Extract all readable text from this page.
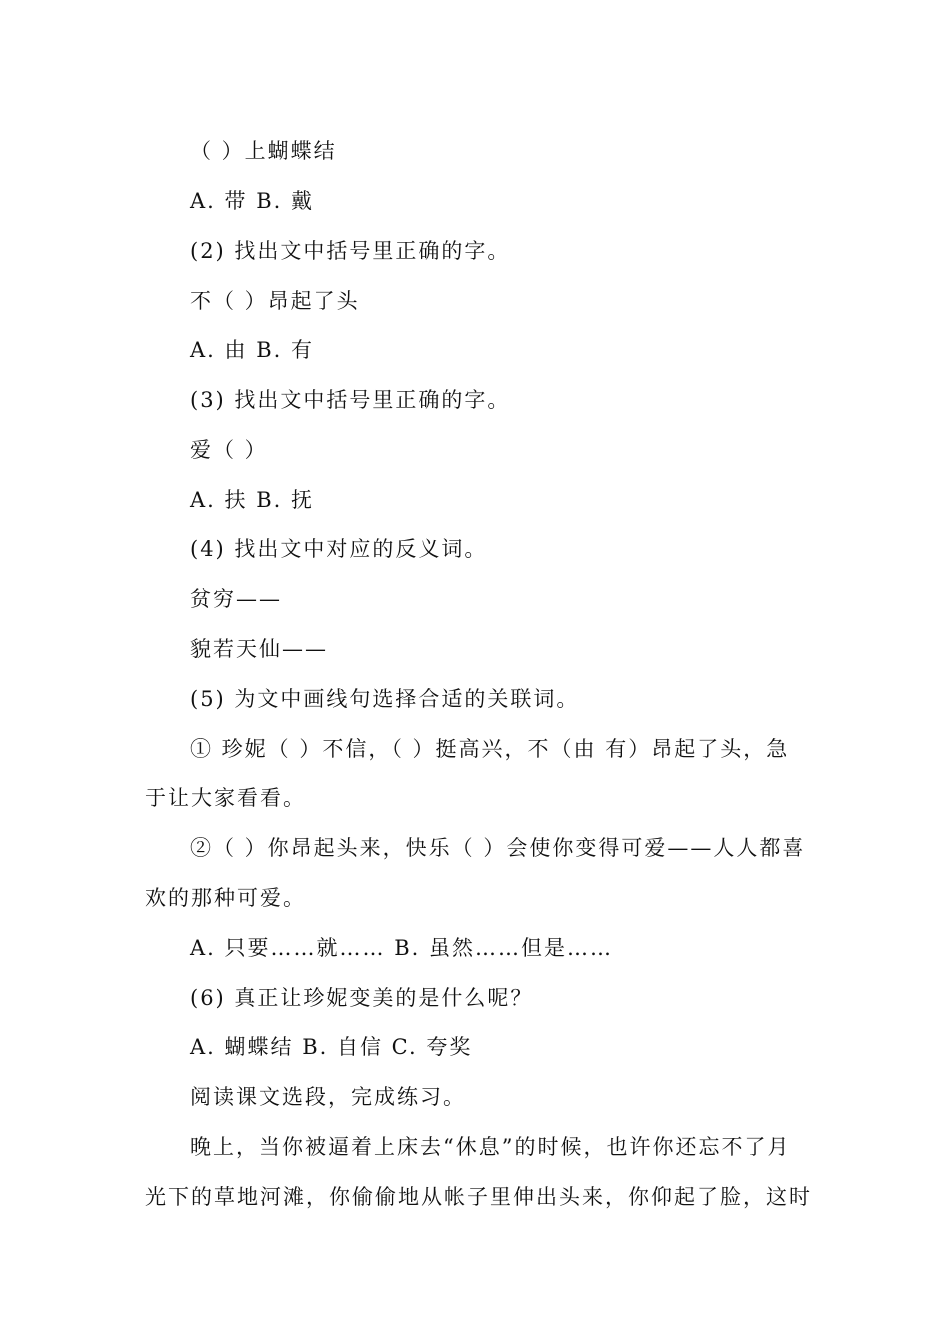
（ ）上蝴蝶结
A. 带 B. 戴
(2) 找出文中括号里正确的字。
不（ ）昂起了头
A. 由 B. 有
(3) 找出文中括号里正确的字。
爱（ ）
A. 扶 B. 抚
(4) 找出文中对应的反义词。
贫穷——
貌若天仙——
(5) 为文中画线句选择合适的关联词。
① 珍妮（ ）不信，（ ）挺高兴，不（由 有）昂起了头，急
于让大家看看。
②（ ）你昂起头来，快乐（ ）会使你变得可爱——人人都喜
欢的那种可爱。
A. 只要……就…… B. 虽然……但是……
(6) 真正让珍妮变美的是什么呢？
A. 蝴蝶结 B. 自信 C. 夸奖
阅读课文选段，完成练习。
晚上，当你被逼着上床去“休息”的时候，也许你还忘不了月
光下的草地河滩，你偷偷地从帐子里伸出头来，你仰起了脸，这时
